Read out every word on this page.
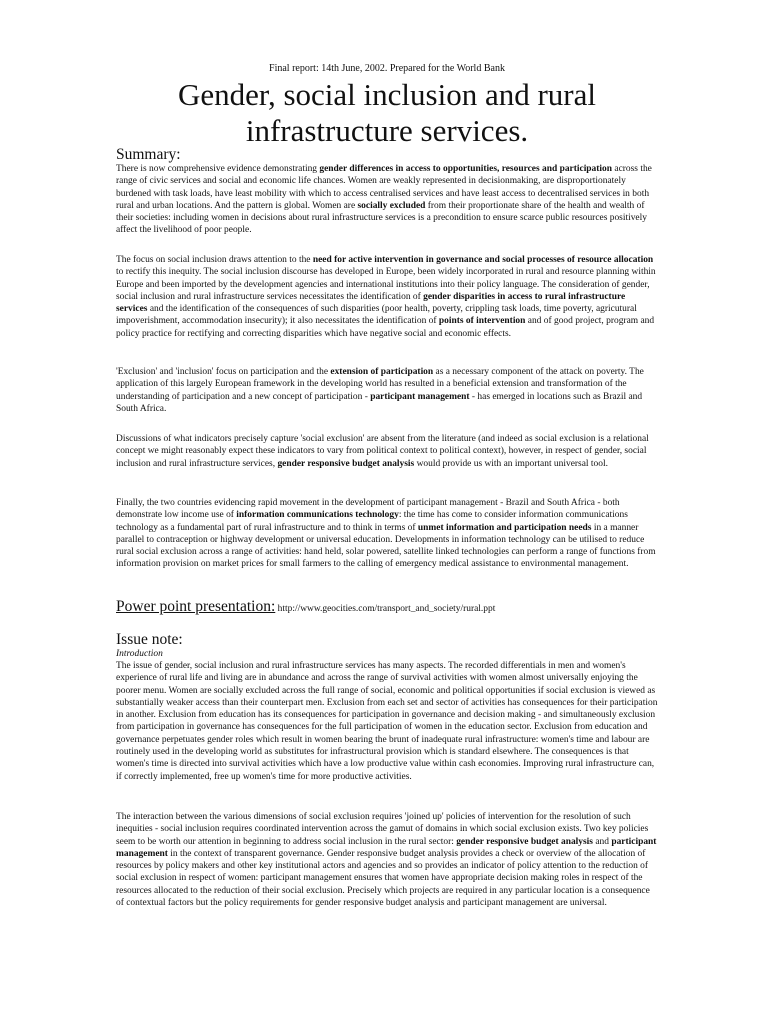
Final report: 14th June, 2002. Prepared for the World Bank
Gender, social inclusion and rural
infrastructure services.
Summary:

There is now comprehensive evidence demonstrating gender differences in access to opportunities, resources and participation across the range of civic services and social and economic life chances. Women are weakly represented in decisionmaking, are disproportionately burdened with task loads, have least mobility with which to access centralised services and have least access to decentralised services in both rural and urban locations. And the pattern is global. Women are socially excluded from their proportionate share of the health and wealth of their societies: including women in decisions about rural infrastructure services is a precondition to ensure scarce public resources positively affect the livelihood of poor people.

The focus on social inclusion draws attention to the need for active intervention in governance and social processes of resource allocation to rectify this inequity. The social inclusion discourse has developed in Europe, been widely incorporated in rural and resource planning within Europe and been imported by the development agencies and international institutions into their policy language. The consideration of gender, social inclusion and rural infrastructure services necessitates the identification of gender disparities in access to rural infrastructure services and the identification of the consequences of such disparities (poor health, poverty, crippling task loads, time poverty, agricutural impoverishment, accommodation insecurity); it also necessitates the identification of points of intervention and of good project, program and policy practice for rectifying and correcting disparities which have negative social and economic effects.

'Exclusion' and 'inclusion' focus on participation and the extension of participation as a necessary component of the attack on poverty. The application of this largely European framework in the developing world has resulted in a beneficial extension and transformation of the understanding of participation and a new concept of participation - participant management - has emerged in locations such as Brazil and South Africa.

Discussions of what indicators precisely capture 'social exclusion' are absent from the literature (and indeed as social exclusion is a relational concept we might reasonably expect these indicators to vary from political context to political context), however, in respect of gender, social inclusion and rural infrastructure services, gender responsive budget analysis would provide us with an important universal tool.

Finally, the two countries evidencing rapid movement in the development of participant management - Brazil and South Africa - both demonstrate low income use of information communications technology: the time has come to consider information communications technology as a fundamental part of rural infrastructure and to think in terms of unmet information and participation needs in a manner parallel to contraception or highway development or universal education. Developments in information technology can be utilised to reduce rural social exclusion across a range of activities: hand held, solar powered, satellite linked technologies can perform a range of functions from information provision on market prices for small farmers to the calling of emergency medical assistance to environmental management.

Power point presentation: http://www.geocities.com/transport_and_society/rural.ppt
Issue note:
Introduction

The issue of gender, social inclusion and rural infrastructure services has many aspects. The recorded differentials in men and women's experience of rural life and living are in abundance and across the range of survival activities with women almost universally enjoying the poorer menu. Women are socially excluded across the full range of social, economic and political opportunities if social exclusion is viewed as substantially weaker access than their counterpart men. Exclusion from each set and sector of activities has consequences for their participation in another. Exclusion from education has its consequences for participation in governance and decision making - and simultaneously exclusion from participation in governance has consequences for the full participation of women in the education sector. Exclusion from education and governance perpetuates gender roles which result in women bearing the brunt of inadequate rural infrastructure: women's time and labour are routinely used in the developing world as substitutes for infrastructural provision which is standard elsewhere. The consequences is that women's time is directed into survival activities which have a low productive value within cash economies. Improving rural infrastructure can, if correctly implemented, free up women's time for more productive activities.

The interaction between the various dimensions of social exclusion requires 'joined up' policies of intervention for the resolution of such inequities - social inclusion requires coordinated intervention across the gamut of domains in which social exclusion exists. Two key policies seem to be worth our attention in beginning to address social inclusion in the rural sector: gender responsive budget analysis and participant management in the context of transparent governance. Gender responsive budget analysis provides a check or overview of the allocation of resources by policy makers and other key institutional actors and agencies and so provides an indicator of policy attention to the reduction of social exclusion in respect of women: participant management ensures that women have appropriate decision making roles in respect of the resources allocated to the reduction of their social exclusion. Precisely which projects are required in any particular location is a consequence of contextual factors but the policy requirements for gender responsive budget analysis and participant management are universal.
